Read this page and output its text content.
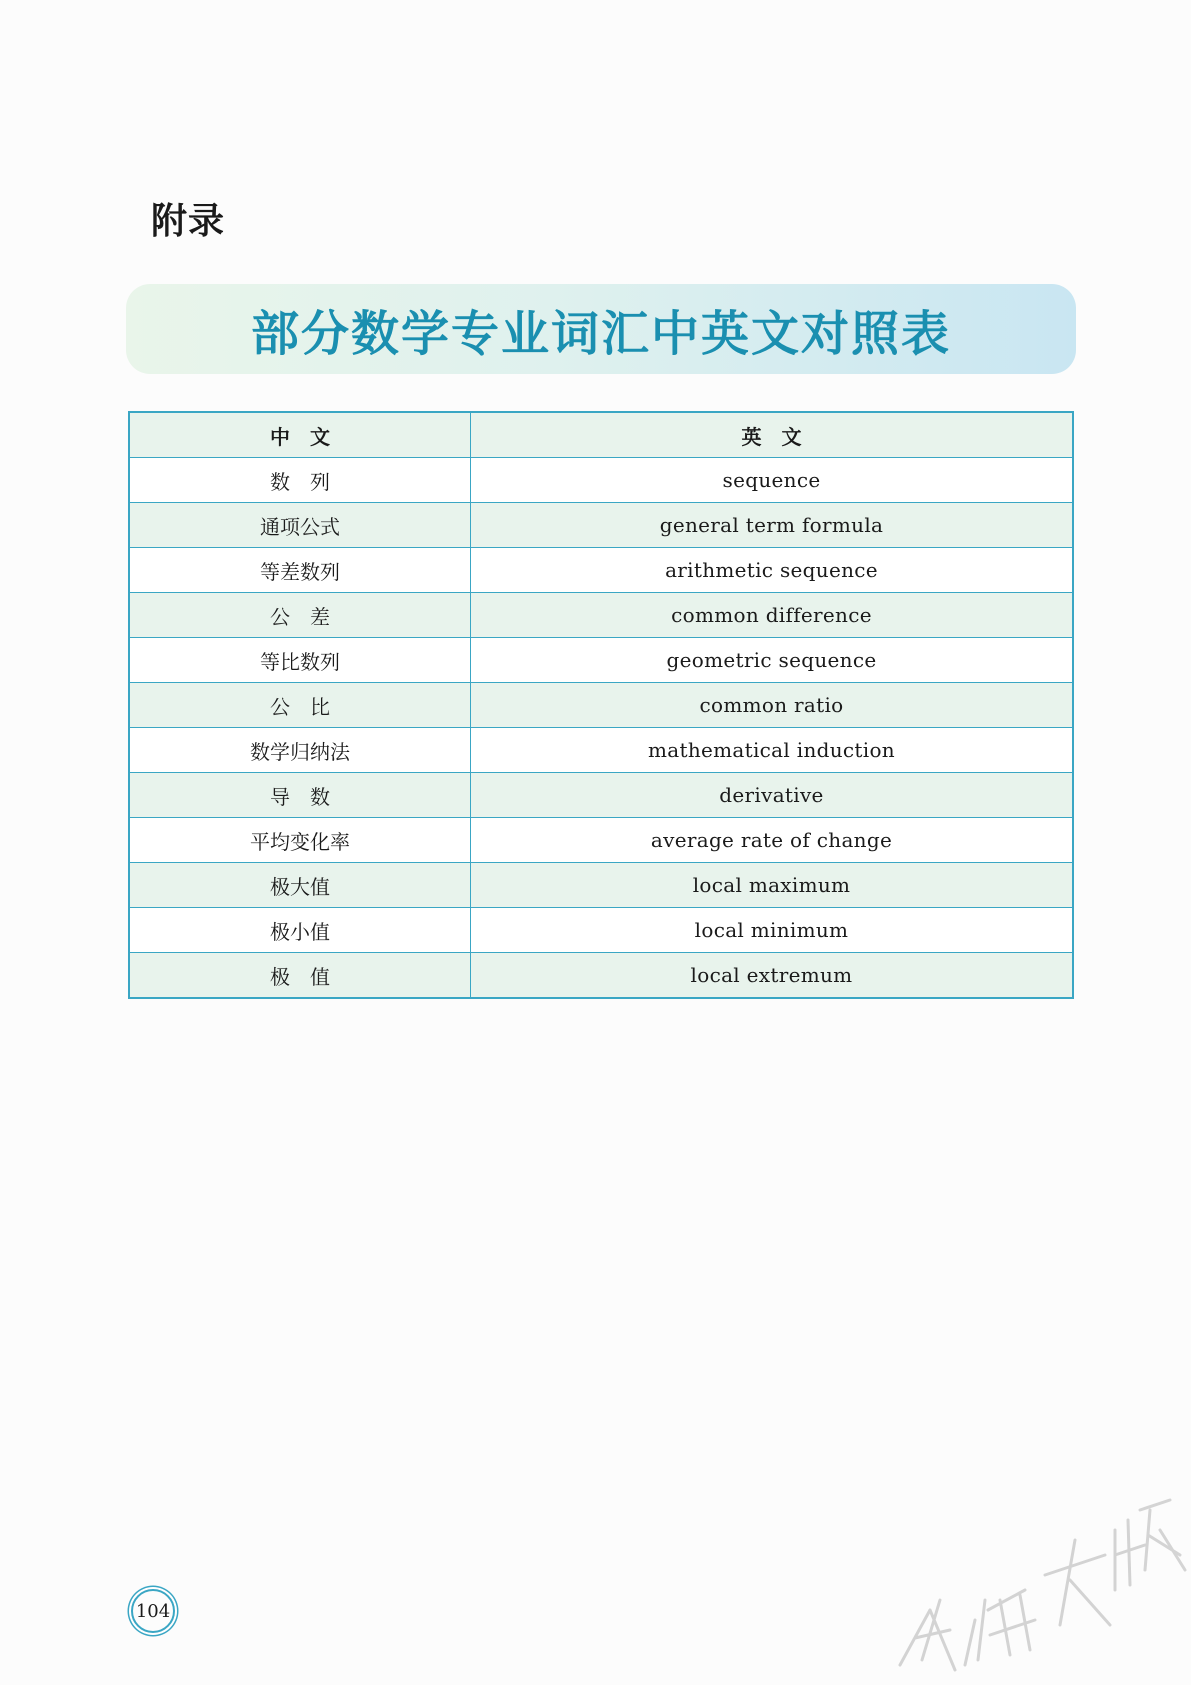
附录
部分数学专业词汇中英文对照表
中　文	英　文
数　列	sequence
通项公式	general term formula
等差数列	arithmetic sequence
公　差	common difference
等比数列	geometric sequence
公　比	common ratio
数学归纳法	mathematical induction
导　数	derivative
平均变化率	average rate of change
极大值	local maximum
极小值	local minimum
极　值	local extremum
104
